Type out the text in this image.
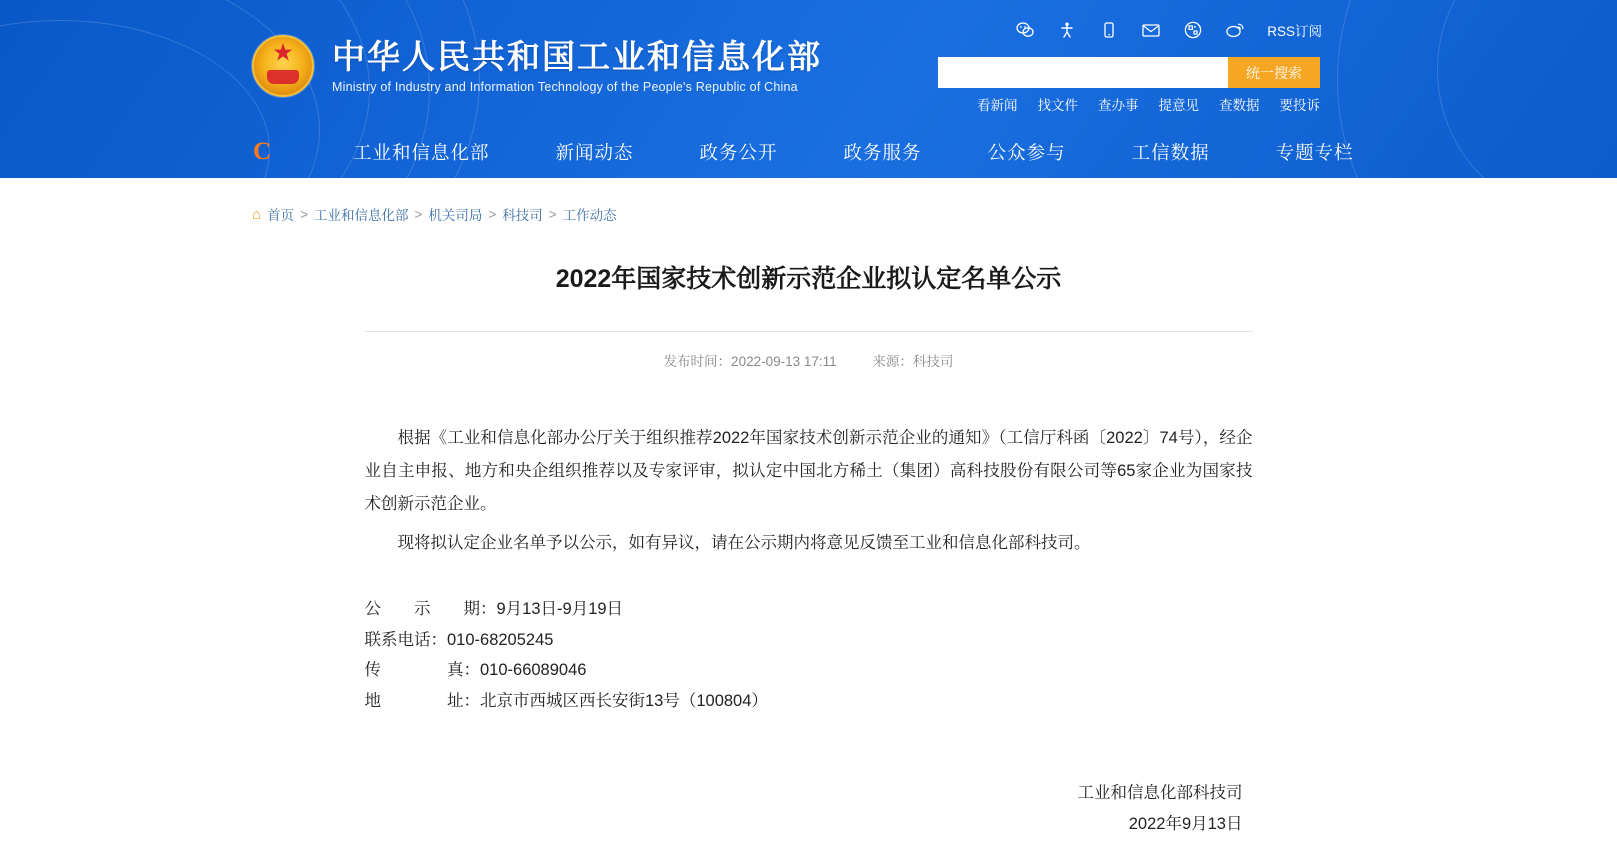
★
中华人民共和国工业和信息化部
Ministry of Industry and Information Technology of the People's Republic of China
RSS订阅
统一搜索
看新闻 找文件 查办事 提意见 查数据 要投诉
C	工业和信息化部	新闻动态	政务公开	政务服务	公众参与	工信数据	专题专栏
⌂ 首页 > 工业和信息化部 > 机关司局 > 科技司 > 工作动态
2022年国家技术创新示范企业拟认定名单公示
发布时间：2022-09-13 17:11	来源：科技司

根据《工业和信息化部办公厅关于组织推荐2022年国家技术创新示范企业的通知》（工信厅科函〔2022〕74号），经企业自主申报、地方和央企组织推荐以及专家评审，拟认定中国北方稀土（集团）高科技股份有限公司等65家企业为国家技术创新示范企业。

现将拟认定企业名单予以公示，如有异议，请在公示期内将意见反馈至工业和信息化部科技司。

公　　示　　期：9月13日-9月19日
联系电话：010-68205245
传　　　　真：010-66089046
地　　　　址：北京市西城区西长安街13号（100804）
工业和信息化部科技司
2022年9月13日
